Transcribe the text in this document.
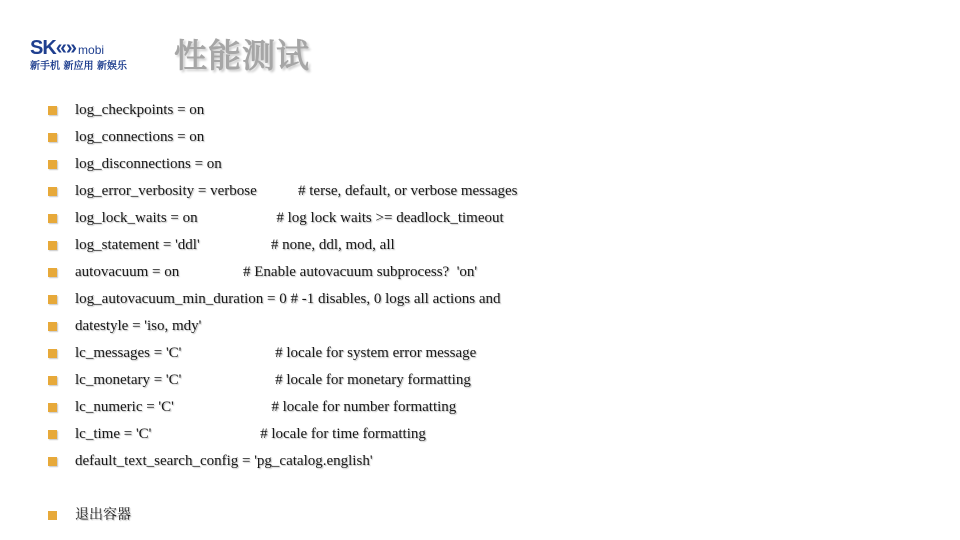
SK«» mobi
新手机 新应用 新娱乐 性能测试
log_checkpoints = on
log_connections = on
log_disconnections = on
log_error_verbosity = verbose           # terse, default, or verbose messages
log_lock_waits = on                     # log lock waits >= deadlock_timeout
log_statement = 'ddl'                   # none, ddl, mod, all
autovacuum = on                 # Enable autovacuum subprocess?  'on'
log_autovacuum_min_duration = 0 # -1 disables, 0 logs all actions and
datestyle = 'iso, mdy'
lc_messages = 'C'                         # locale for system error message
lc_monetary = 'C'                         # locale for monetary formatting
lc_numeric = 'C'                          # locale for number formatting
lc_time = 'C'                             # locale for time formatting
default_text_search_config = 'pg_catalog.english'
退出容器
